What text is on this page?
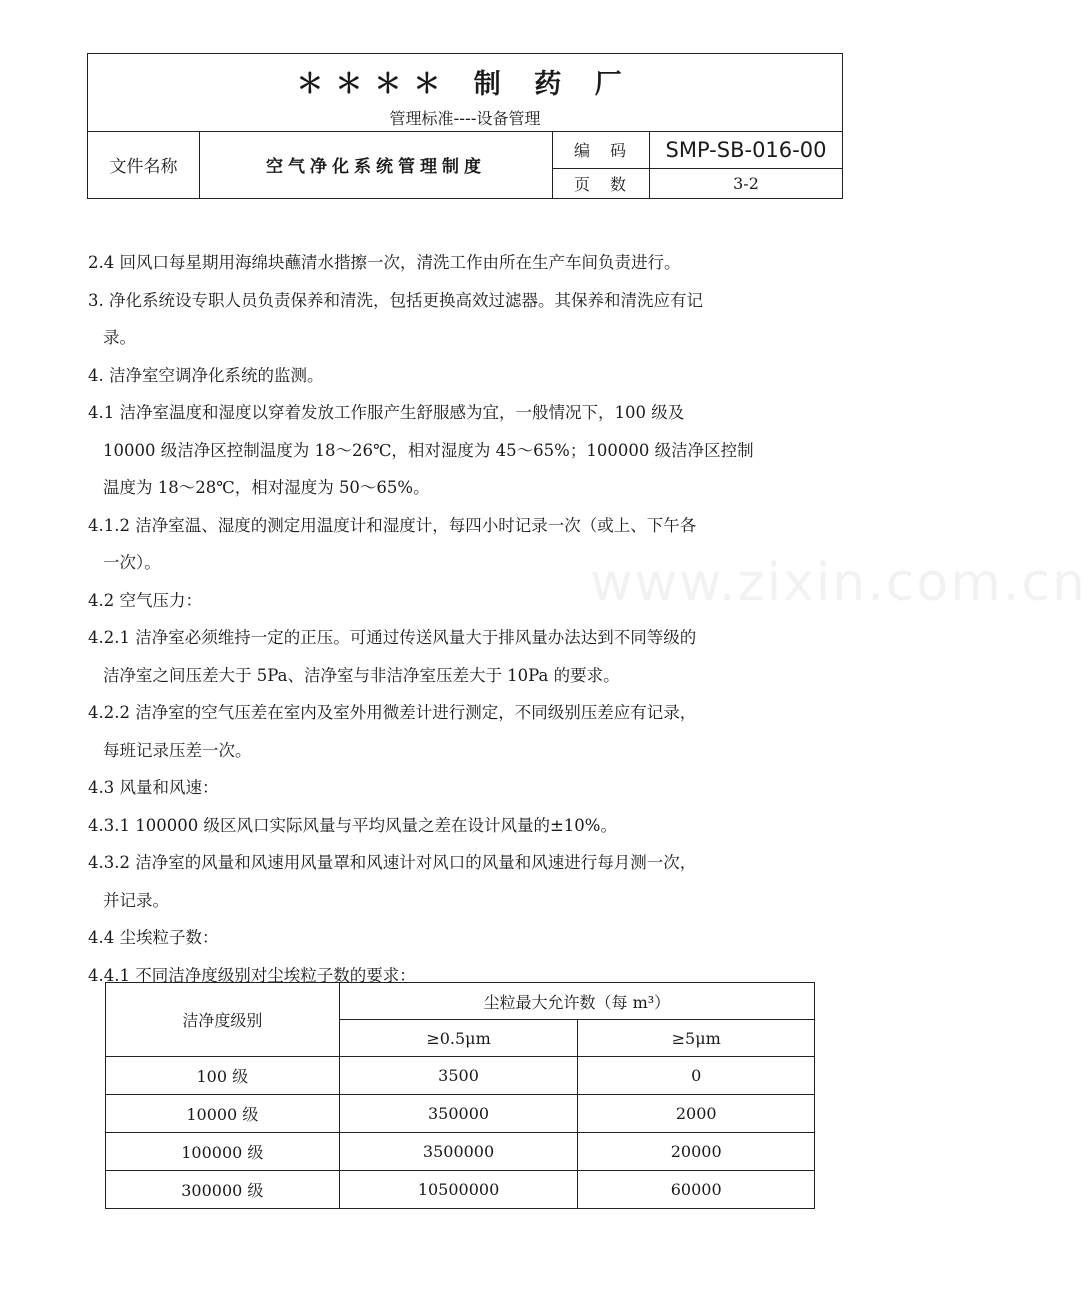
＊＊＊＊ 制 药 厂
管理标准----设备管理
文件名称	空气净化系统管理制度
编码 SMP-SB-016-00
页数	3-2
www.zixin.com.cn
2.4 回风口每星期用海绵块蘸清水揩擦一次，清洗工作由所在生产车间负责进行。
3. 净化系统设专职人员负责保养和清洗，包括更换高效过滤器。其保养和清洗应有记
录。
4. 洁净室空调净化系统的监测。
4.1 洁净室温度和湿度以穿着发放工作服产生舒服感为宜，一般情况下，100 级及
10000 级洁净区控制温度为 18～26℃，相对湿度为 45～65%；100000 级洁净区控制
温度为 18～28℃，相对湿度为 50～65%。
4.1.2 洁净室温、湿度的测定用温度计和湿度计，每四小时记录一次（或上、下午各
一次）。
4.2 空气压力：
4.2.1 洁净室必须维持一定的正压。可通过传送风量大于排风量办法达到不同等级的
洁净室之间压差大于 5Pa、洁净室与非洁净室压差大于 10Pa 的要求。
4.2.2 洁净室的空气压差在室内及室外用微差计进行测定，不同级别压差应有记录，
每班记录压差一次。
4.3 风量和风速：
4.3.1 100000 级区风口实际风量与平均风量之差在设计风量的±10%。
4.3.2 洁净室的风量和风速用风量罩和风速计对风口的风量和风速进行每月测一次，
并记录。
4.4 尘埃粒子数：
4.4.1 不同洁净度级别对尘埃粒子数的要求：
洁净度级别	尘粒最大允许数（每 m³）	
	≥0.5μm	≥5μm
100 级	3500	0
10000 级	350000	2000
100000 级	3500000	20000
300000 级	10500000	60000
